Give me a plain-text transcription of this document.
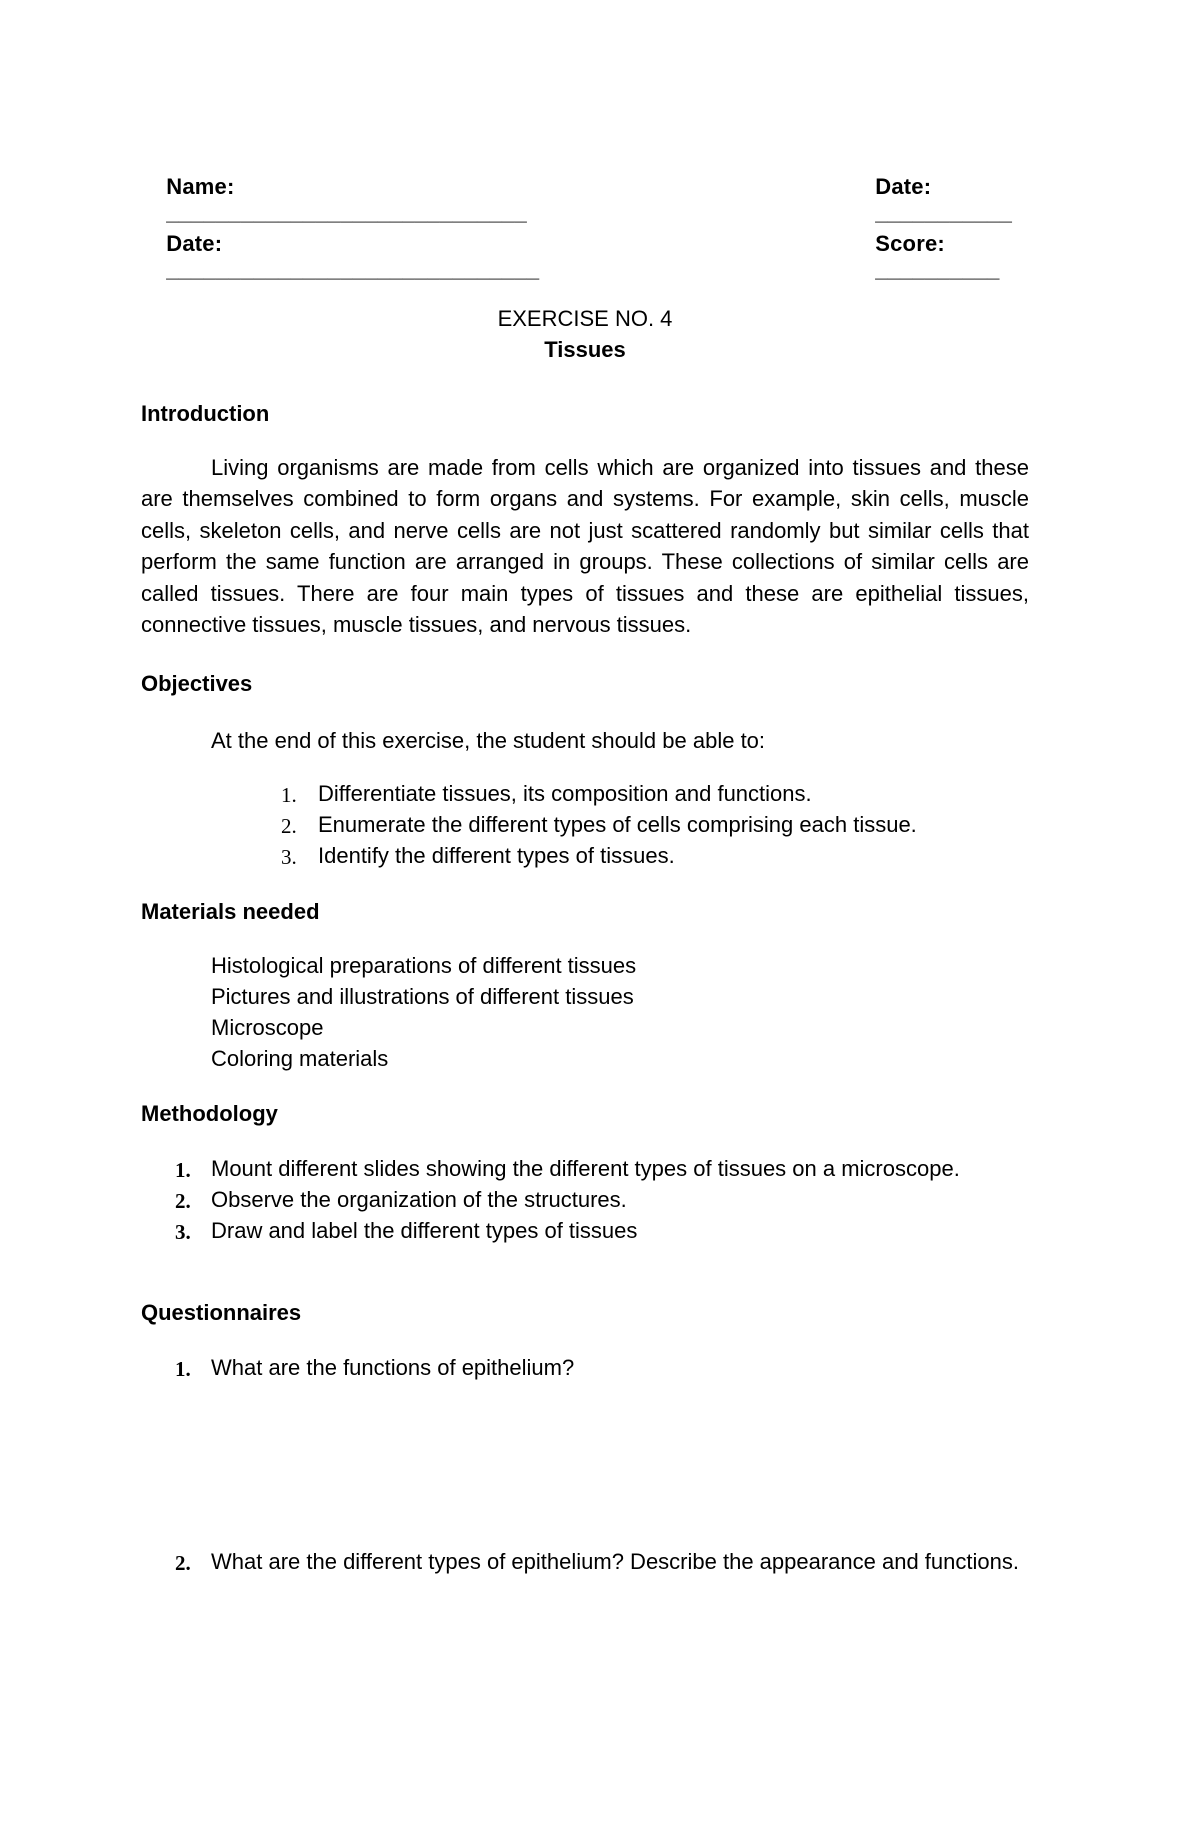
Name:
_____________________________

Date:
___________

Date:
______________________________

Score:
__________

EXERCISE NO. 4
Tissues
Introduction
Living organisms are made from cells which are organized into tissues and these are themselves combined to form organs and systems. For example, skin cells, muscle cells, skeleton cells, and nerve cells are not just scattered randomly but similar cells that perform the same function are arranged in groups. These collections of similar cells are called tissues. There are four main types of tissues and these are epithelial tissues, connective tissues, muscle tissues, and nervous tissues.
Objectives
At the end of this exercise, the student should be able to:
1. Differentiate tissues, its composition and functions.
2. Enumerate the different types of cells comprising each tissue.
3. Identify the different types of tissues.
Materials needed
Histological preparations of different tissues
Pictures and illustrations of different tissues
Microscope
Coloring materials
Methodology
1. Mount different slides showing the different types of tissues on a microscope.
2. Observe the organization of the structures.
3. Draw and label the different types of tissues
Questionnaires
1. What are the functions of epithelium?
2. What are the different types of epithelium? Describe the appearance and functions.
